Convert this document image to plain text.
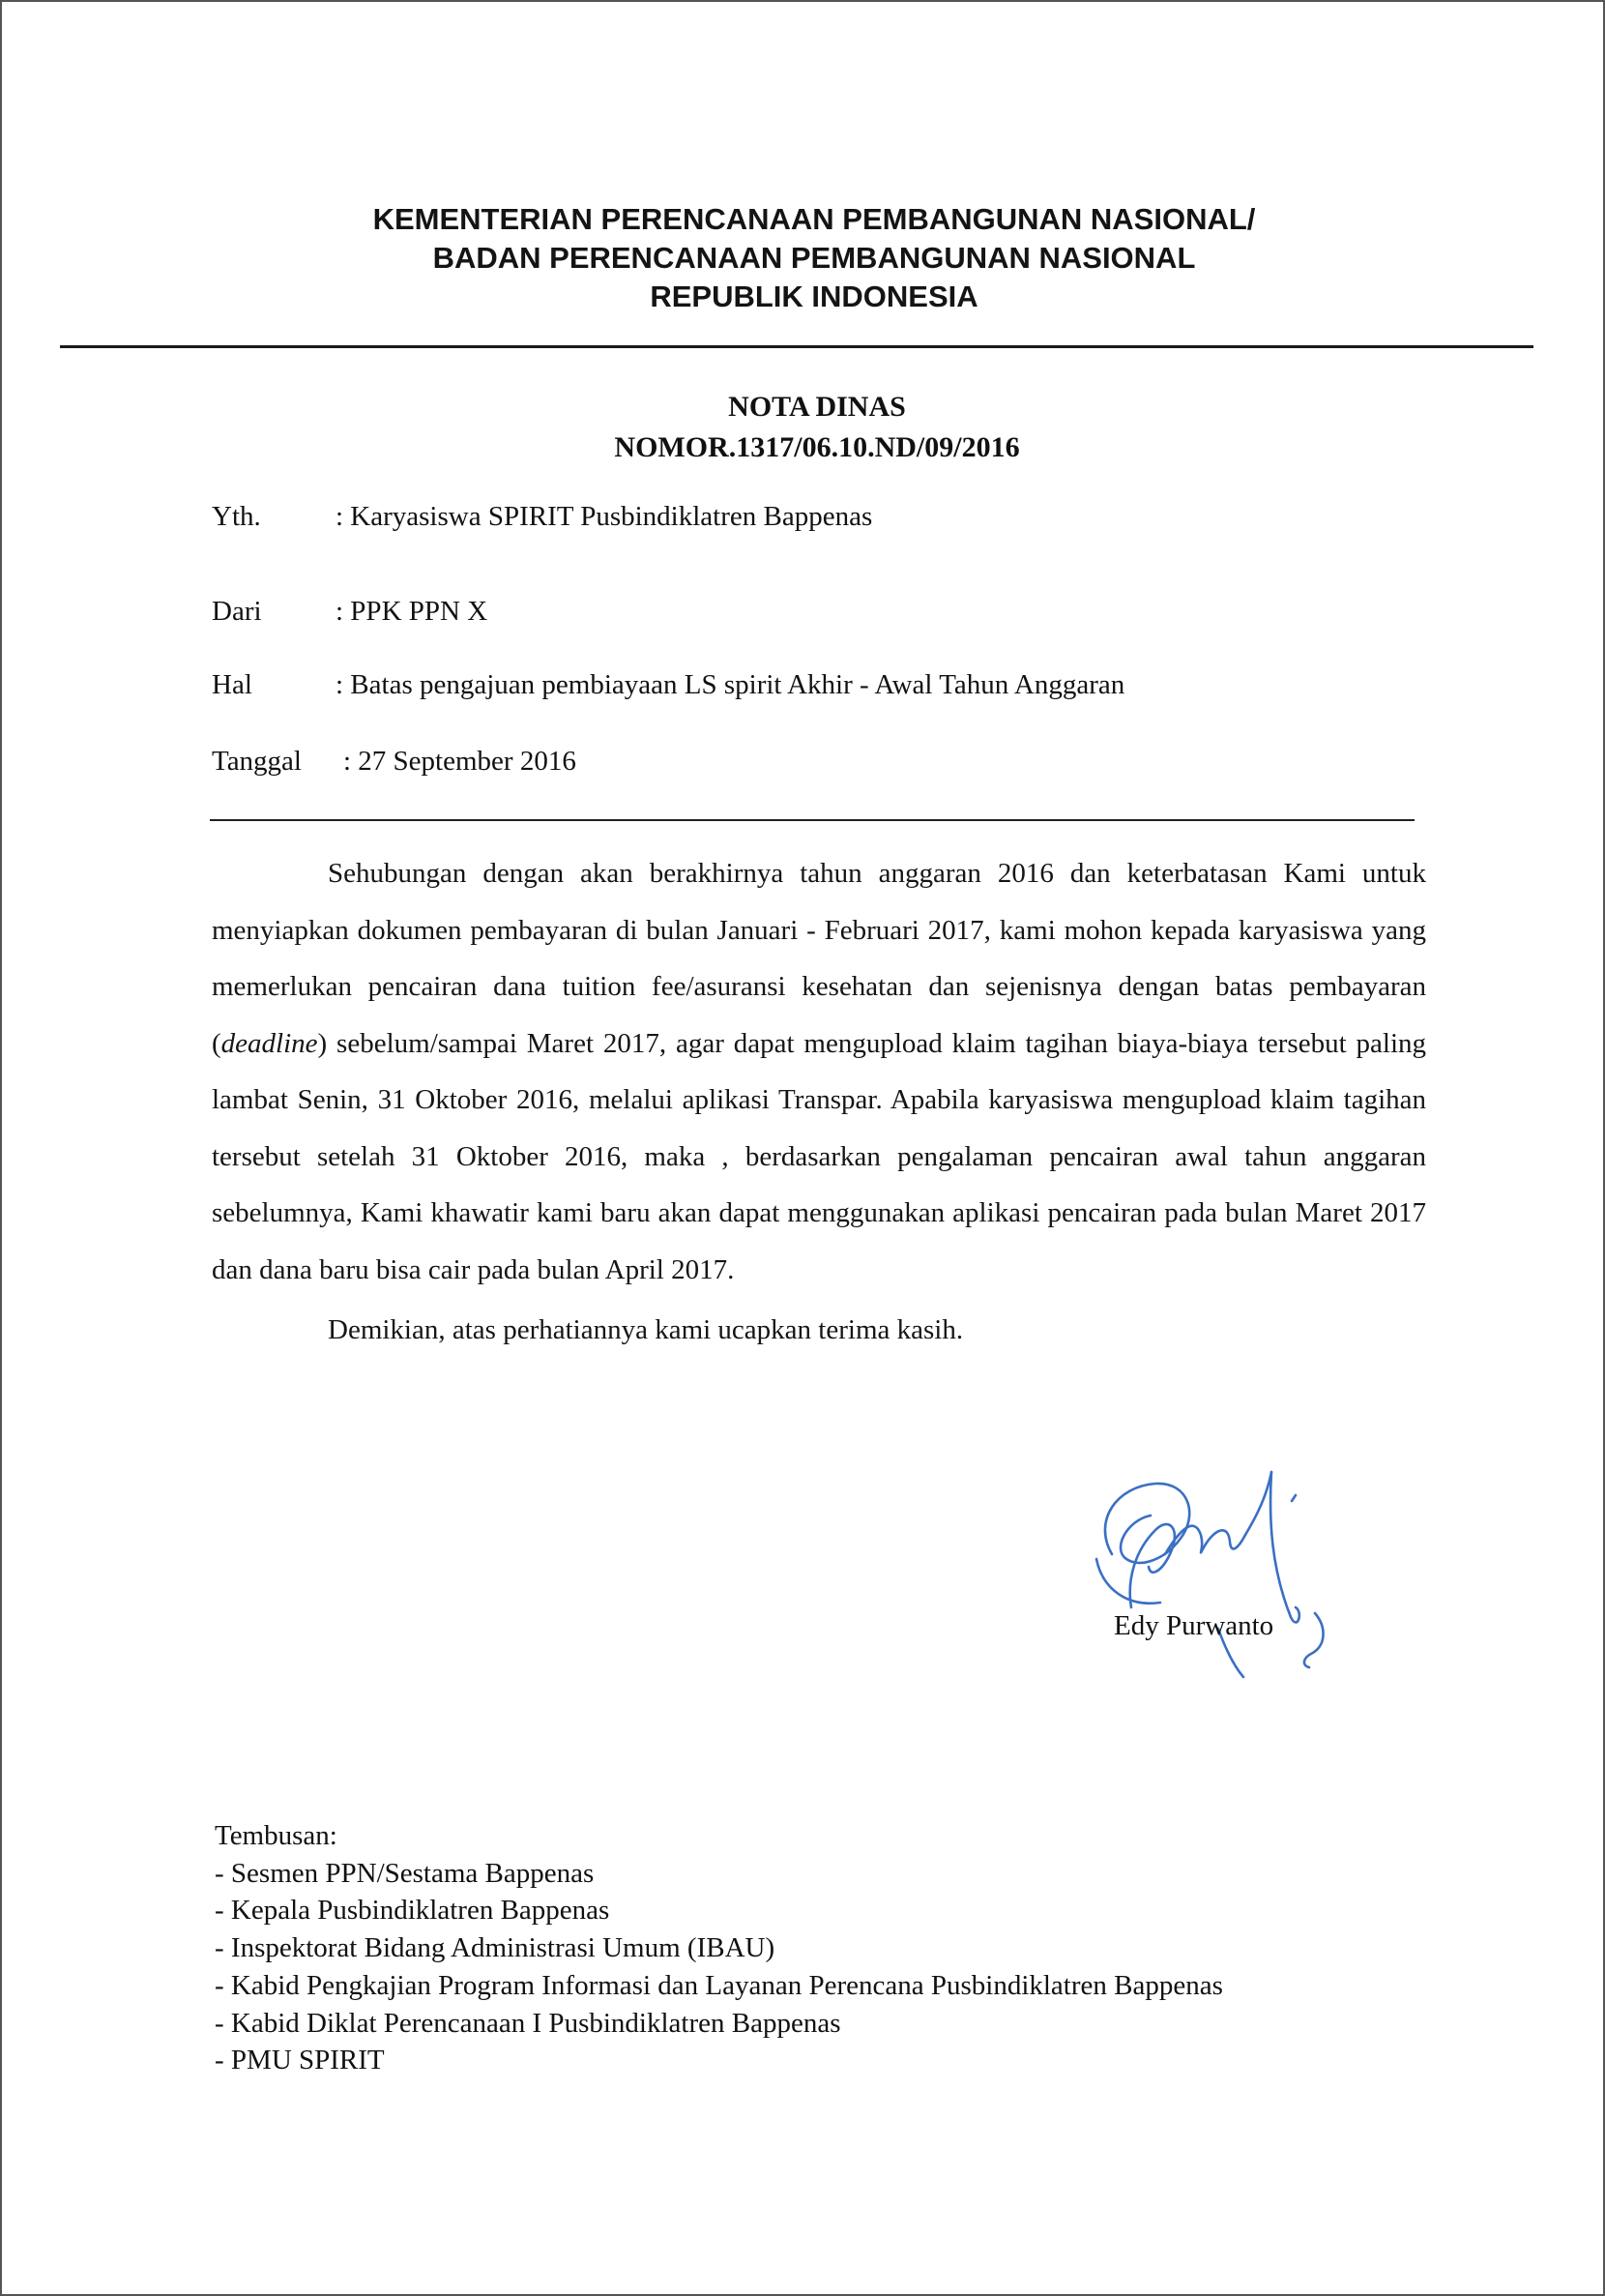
KEMENTERIAN PERENCANAAN PEMBANGUNAN NASIONAL/
BADAN PERENCANAAN PEMBANGUNAN NASIONAL
REPUBLIK INDONESIA
NOTA DINAS
NOMOR.1317/06.10.ND/09/2016
Yth.	: Karyasiswa SPIRIT Pusbindiklatren Bappenas
Dari	: PPK PPN X
Hal	: Batas pengajuan pembiayaan LS spirit Akhir - Awal Tahun Anggaran
Tanggal : 27 September 2016

Sehubungan dengan akan berakhirnya tahun anggaran 2016 dan keterbatasan Kami untuk menyiapkan dokumen pembayaran di bulan Januari - Februari 2017, kami mohon kepada karyasiswa yang memerlukan pencairan dana tuition fee/asuransi kesehatan dan sejenisnya dengan batas pembayaran (deadline) sebelum/sampai Maret 2017, agar dapat mengupload klaim tagihan biaya-biaya tersebut paling lambat Senin, 31 Oktober 2016, melalui aplikasi Transpar. Apabila karyasiswa mengupload klaim tagihan tersebut setelah 31 Oktober 2016, maka , berdasarkan pengalaman pencairan awal tahun anggaran sebelumnya, Kami khawatir kami baru akan dapat menggunakan aplikasi pencairan pada bulan Maret 2017 dan dana baru bisa cair pada bulan April 2017.

Demikian, atas perhatiannya kami ucapkan terima kasih.

Edy Purwanto
Tembusan:
- Sesmen PPN/Sestama Bappenas
- Kepala Pusbindiklatren Bappenas
- Inspektorat Bidang Administrasi Umum (IBAU)
- Kabid Pengkajian Program Informasi dan Layanan Perencana Pusbindiklatren Bappenas
- Kabid Diklat Perencanaan I Pusbindiklatren Bappenas
- PMU SPIRIT
